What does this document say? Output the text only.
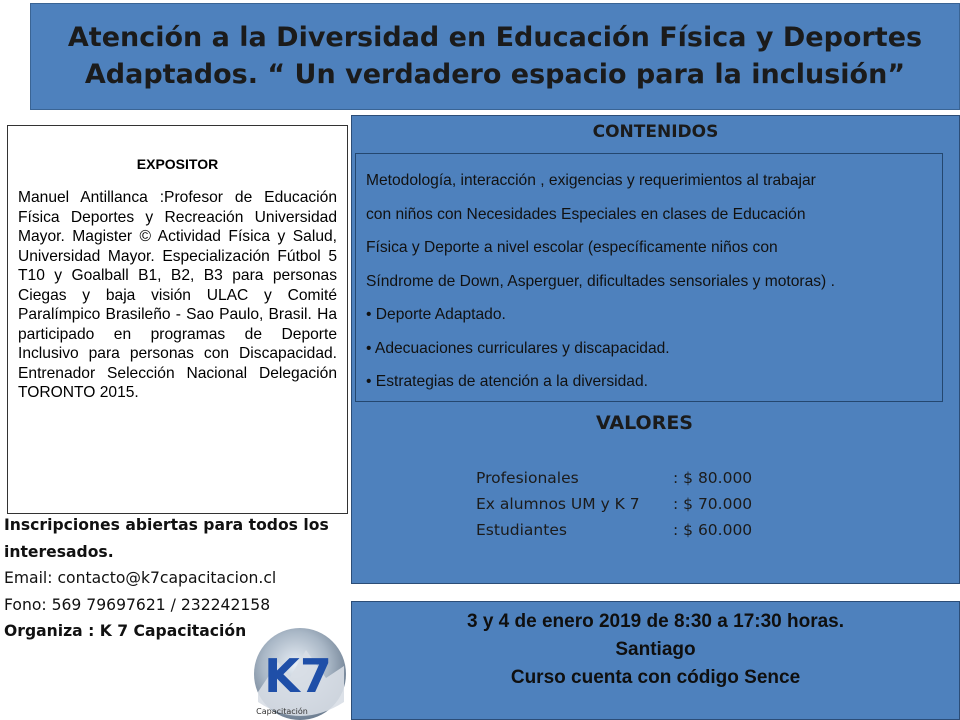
Atención a la Diversidad en Educación Física y Deportes
Adaptados. “ Un verdadero espacio para la inclusión”
EXPOSITOR
Manuel Antillanca :Profesor de Educación Física Deportes y Recreación Universidad Mayor. Magister © Actividad Física y Salud, Universidad Mayor. Especialización Fútbol 5 T10 y Goalball B1, B2, B3 para personas Ciegas y baja visión ULAC y Comité Paralímpico Brasileño - Sao Paulo, Brasil. Ha participado en programas de Deporte Inclusivo para personas con Discapacidad. Entrenador Selección Nacional Delegación TORONTO 2015.
Inscripciones abiertas para todos los
interesados.
Email: contacto@k7capacitacion.cl
Fono: 569 79697621 / 232242158
Organiza : K 7 Capacitación
K7
Capacitación
CONTENIDOS

Metodología, interacción , exigencias y requerimientos al trabajar

con niños con Necesidades Especiales en clases de Educación

Física y Deporte a nivel escolar (específicamente niños con

Síndrome de Down, Asperguer, dificultades sensoriales y motoras) .

• Deporte Adaptado.

• Adecuaciones curriculares y discapacidad.

• Estrategias de atención a la diversidad.

VALORES
Profesionales	: $ 80.000
Ex alumnos UM y K 7	: $ 70.000
Estudiantes	: $ 60.000
3 y 4 de enero 2019 de 8:30 a 17:30 horas.
Santiago
Curso cuenta con código Sence
